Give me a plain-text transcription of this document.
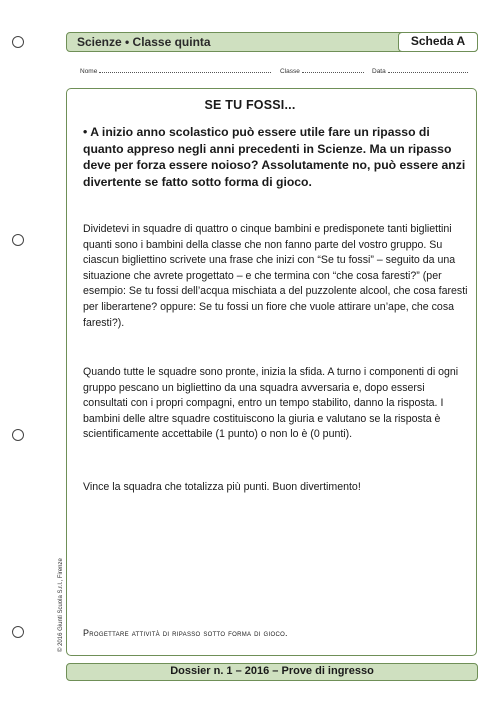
Scienze • Classe quinta	Scheda A
Nome	Classe	Data
SE TU FOSSI...
• A inizio anno scolastico può essere utile fare un ripasso di quanto appreso negli anni precedenti in Scienze. Ma un ripasso deve per forza essere noioso? Assolutamente no, può essere anzi divertente se fatto sotto forma di gioco.
Dividetevi in squadre di quattro o cinque bambini e predisponete tanti bigliettini quanti sono i bambini della classe che non fanno parte del vostro gruppo. Su ciascun bigliettino scrivete una frase che inizi con “Se tu fossi” – seguito da una situazione che avrete progettato – e che termina con “che cosa faresti?” (per esempio: Se tu fossi dell’acqua mischiata a del puzzolente alcool, che cosa faresti per liberartene? oppure: Se tu fossi un fiore che vuole attirare un’ape, che cosa faresti?).
Quando tutte le squadre sono pronte, inizia la sfida. A turno i componenti di ogni gruppo pescano un bigliettino da una squadra avversaria e, dopo essersi consultati con i propri compagni, entro un tempo stabilito, danno la risposta. I bambini delle altre squadre costituiscono la giuria e valutano se la risposta è scientificamente accettabile (1 punto) o non lo è (0 punti).
Vince la squadra che totalizza più punti. Buon divertimento!
Progettare attività di ripasso sotto forma di gioco.
© 2016 Giunti Scuola S.r.l., Firenze
Dossier n. 1 – 2016 – Prove di ingresso
